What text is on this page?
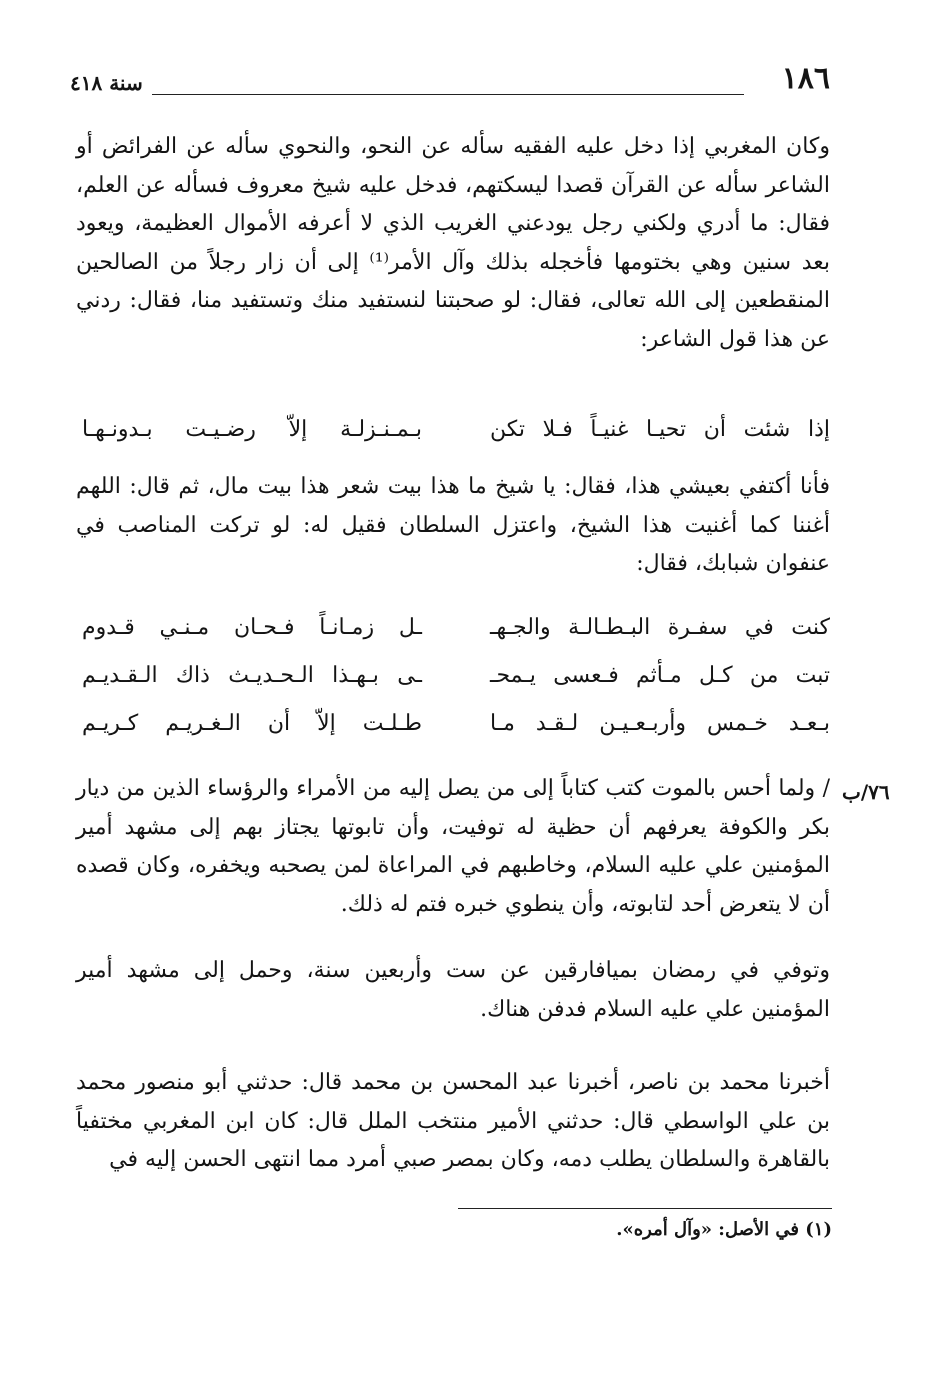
١٨٦
سنة ٤١٨

وكان المغربي إذا دخل عليه الفقيه سأله عن النحو، والنحوي سأله عن الفرائض أو الشاعر سأله عن القرآن قصدا ليسكتهم، فدخل عليه شيخ معروف فسأله عن العلم، فقال: ما أدري ولكني رجل يودعني الغريب الذي لا أعرفه الأموال العظيمة، ويعود بعد سنين وهي بختومها فأخجله بذلك وآل الأمر⁽¹⁾ إلى أن زار رجلاً من الصالحين المنقطعين إلى الله تعالى، فقال: لو صحبتنا لنستفيد منك وتستفيد منا، فقال: ردني عن هذا قول الشاعر:

إذا شئت أن تحيـا غنيـاً فـلا تكن
بـمـنـزلـة إلاّ رضـيـت بـدونـهـا

فأنا أكتفي بعيشي هذا، فقال: يا شيخ ما هذا بيت شعر هذا بيت مال، ثم قال: اللهم أغننا كما أغنيت هذا الشيخ، واعتزل السلطان فقيل له: لو تركت المناصب في عنفوان شبابك، فقال:

كنت في سفـرة البـطـالـة والجـهـ
ـل زمـانـاً فـحـان مـنـي قـدوم
تبت من كـل مـأثم فـعسى يـمحـ
ـى بـهـذا الـحـديـث ذاك الـقـديـم
بـعـد خـمس وأربـعـيـن لـقـد مـا
طـلـت إلاّ أن الـغـريـم كـريـم
٧٦/ب

/ ولما أحس بالموت كتب كتاباً إلى من يصل إليه من الأمراء والرؤساء الذين من ديار بكر والكوفة يعرفهم أن حظية له توفيت، وأن تابوتها يجتاز بهم إلى مشهد أمير المؤمنين علي عليه السلام، وخاطبهم في المراعاة لمن يصحبه ويخفره، وكان قصده أن لا يتعرض أحد لتابوته، وأن ينطوي خبره فتم له ذلك.

وتوفي في رمضان بميافارقين عن ست وأربعين سنة، وحمل إلى مشهد أمير المؤمنين علي عليه السلام فدفن هناك.

أخبرنا محمد بن ناصر، أخبرنا عبد المحسن بن محمد قال: حدثني أبو منصور محمد بن علي الواسطي قال: حدثني الأمير منتخب الملل قال: كان ابن المغربي مختفياً بالقاهرة والسلطان يطلب دمه، وكان بمصر صبي أمرد مما انتهى الحسن إليه في

(١) في الأصل: «وآل أمره».
